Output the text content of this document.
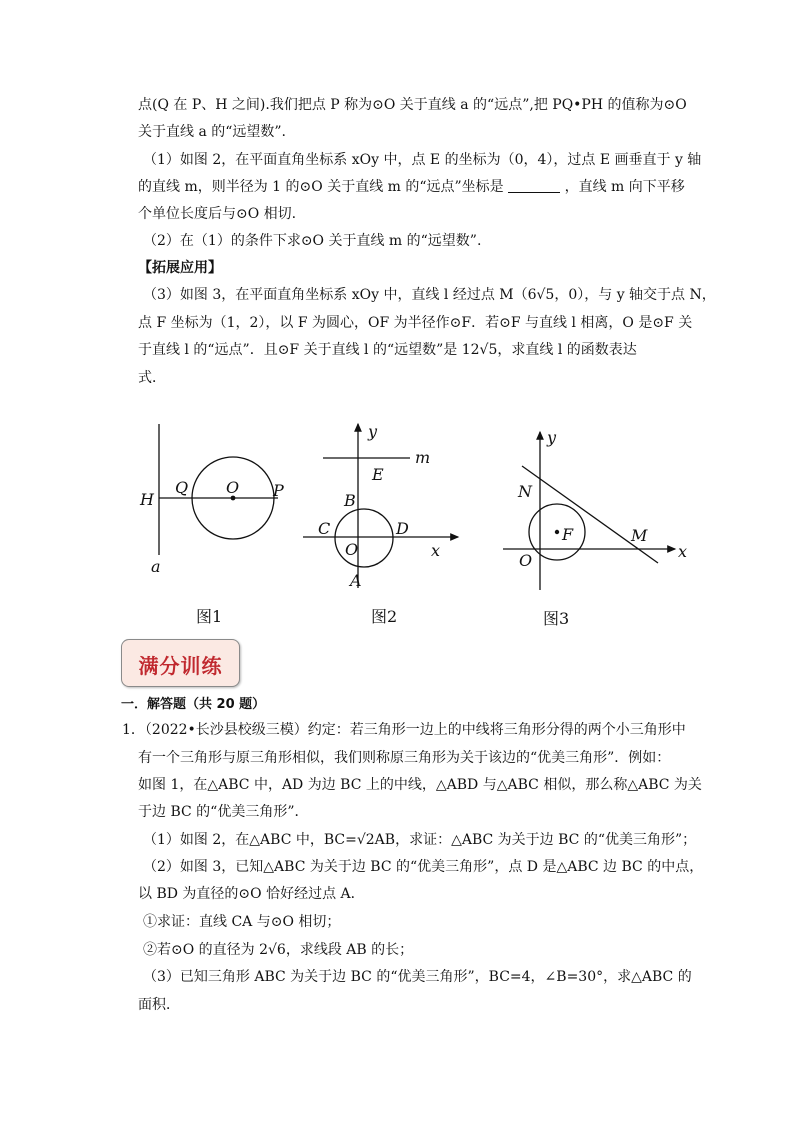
点(Q 在 P、H 之间).我们把点 P 称为⊙O 关于直线 a 的“远点”,把 PQ•PH 的值称为⊙O
关于直线 a 的“远望数”.
（1）如图 2，在平面直角坐标系 xOy 中，点 E 的坐标为（0，4），过点 E 画垂直于 y 轴
的直线 m，则半径为 1 的⊙O 关于直线 m 的“远点”坐标是	，直线 m 向下平移
个单位长度后与⊙O 相切.
（2）在（1）的条件下求⊙O 关于直线 m 的“远望数”.
【拓展应用】
（3）如图 3，在平面直角坐标系 xOy 中，直线 l 经过点 M（6√5，0），与 y 轴交于点 N，
点 F 坐标为（1，2），以 F 为圆心，OF 为半径作⊙F．若⊙F 与直线 l 相离，O 是⊙F 关
于直线 l 的“远点”．且⊙F 关于直线 l 的“远望数”是 12√5，求直线 l 的函数表达
式．
H
Q O P
a
图1
y
m
E
B
C	D
O	x
A
图2
y
N
F	M
O	x
图3
满分训练
一．解答题（共 20 题）
1．（2022•长沙县校级三模）约定：若三角形一边上的中线将三角形分得的两个小三角形中
有一个三角形与原三角形相似，我们则称原三角形为关于该边的“优美三角形”．例如：
如图 1，在△ABC 中，AD 为边 BC 上的中线，△ABD 与△ABC 相似，那么称△ABC 为关
于边 BC 的“优美三角形”．
（1）如图 2，在△ABC 中，BC=√2AB，求证：△ABC 为关于边 BC 的“优美三角形”；
（2）如图 3，已知△ABC 为关于边 BC 的“优美三角形”，点 D 是△ABC 边 BC 的中点，
以 BD 为直径的⊙O 恰好经过点 A．
①求证：直线 CA 与⊙O 相切；
②若⊙O 的直径为 2√6，求线段 AB 的长；
（3）已知三角形 ABC 为关于边 BC 的“优美三角形”，BC=4，∠B=30°，求△ABC 的
面积．
